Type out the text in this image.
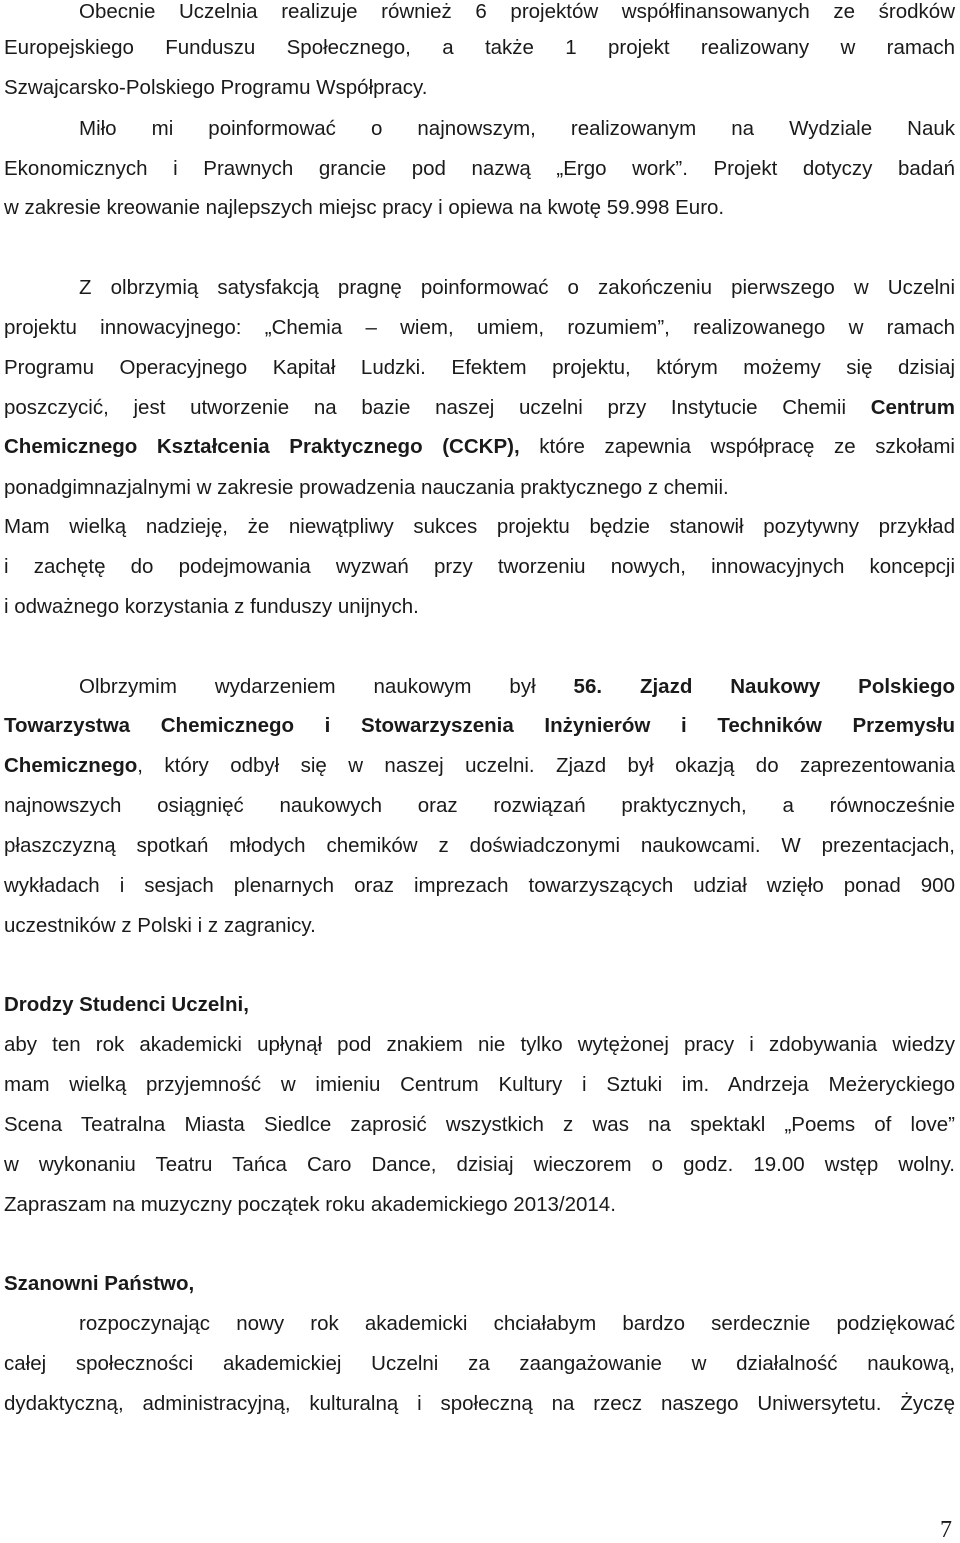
Obecnie Uczelnia realizuje również 6 projektów współfinansowanych ze środków
Europejskiego Funduszu Społecznego, a także 1 projekt realizowany w ramach
Szwajcarsko-Polskiego Programu Współpracy.
Miło mi poinformować o najnowszym, realizowanym na Wydziale Nauk
Ekonomicznych i Prawnych grancie pod nazwą „Ergo work”. Projekt dotyczy badań
w zakresie kreowanie najlepszych miejsc pracy i opiewa na kwotę 59.998 Euro.
Z olbrzymią satysfakcją pragnę poinformować o zakończeniu pierwszego w Uczelni
projektu innowacyjnego: „Chemia – wiem, umiem, rozumiem”, realizowanego w ramach
Programu Operacyjnego Kapitał Ludzki. Efektem projektu, którym możemy się dzisiaj
poszczycić, jest utworzenie na bazie naszej uczelni przy Instytucie Chemii Centrum
Chemicznego Kształcenia Praktycznego (CCKP), które zapewnia współpracę ze szkołami
ponadgimnazjalnymi w zakresie prowadzenia nauczania praktycznego z chemii.
Mam wielką nadzieję, że niewątpliwy sukces projektu będzie stanowił pozytywny przykład
i zachętę do podejmowania wyzwań przy tworzeniu nowych, innowacyjnych koncepcji
i odważnego korzystania z funduszy unijnych.
Olbrzymim wydarzeniem naukowym był 56. Zjazd Naukowy Polskiego
Towarzystwa Chemicznego i Stowarzyszenia Inżynierów i Techników Przemysłu
Chemicznego, który odbył się w naszej uczelni. Zjazd był okazją do zaprezentowania
najnowszych osiągnięć naukowych oraz rozwiązań praktycznych, a równocześnie
płaszczyzną spotkań młodych chemików z doświadczonymi naukowcami. W prezentacjach,
wykładach i sesjach plenarnych oraz imprezach towarzyszących udział wzięło ponad 900
uczestników z Polski i z zagranicy.
Drodzy Studenci Uczelni,
aby ten rok akademicki upłynął pod znakiem nie tylko wytężonej pracy i zdobywania wiedzy
mam wielką przyjemność w imieniu Centrum Kultury i Sztuki im. Andrzeja Meżeryckiego
Scena Teatralna Miasta Siedlce zaprosić wszystkich z was na spektakl „Poems of love”
w wykonaniu Teatru Tańca Caro Dance, dzisiaj wieczorem o godz. 19.00 wstęp wolny.
Zapraszam na muzyczny początek roku akademickiego 2013/2014.
Szanowni Państwo,
rozpoczynając nowy rok akademicki chciałabym bardzo serdecznie podziękować
całej społeczności akademickiej Uczelni za zaangażowanie w działalność naukową,
dydaktyczną, administracyjną, kulturalną i społeczną na rzecz naszego Uniwersytetu. Życzę
7
